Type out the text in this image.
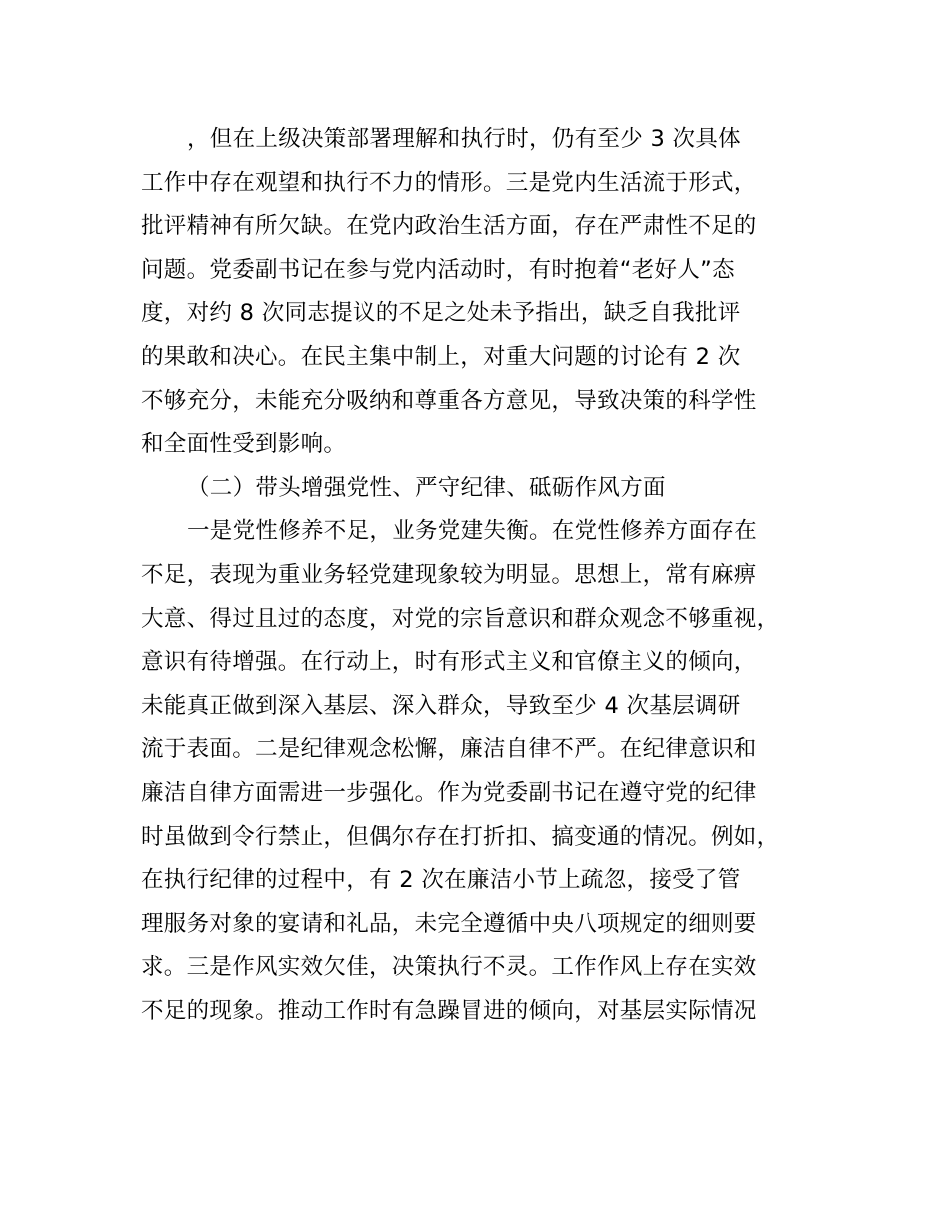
，但在上级决策部署理解和执行时，仍有至少 3 次具体
工作中存在观望和执行不力的情形。三是党内生活流于形式，
批评精神有所欠缺。在党内政治生活方面，存在严肃性不足的
问题。党委副书记在参与党内活动时，有时抱着“老好人”态
度，对约 8 次同志提议的不足之处未予指出，缺乏自我批评
的果敢和决心。在民主集中制上，对重大问题的讨论有 2 次
不够充分，未能充分吸纳和尊重各方意见，导致决策的科学性
和全面性受到影响。
（二）带头增强党性、严守纪律、砥砺作风方面
一是党性修养不足，业务党建失衡。在党性修养方面存在
不足，表现为重业务轻党建现象较为明显。思想上，常有麻痹
大意、得过且过的态度，对党的宗旨意识和群众观念不够重视，
意识有待增强。在行动上，时有形式主义和官僚主义的倾向，
未能真正做到深入基层、深入群众，导致至少 4 次基层调研
流于表面。二是纪律观念松懈，廉洁自律不严。在纪律意识和
廉洁自律方面需进一步强化。作为党委副书记在遵守党的纪律
时虽做到令行禁止，但偶尔存在打折扣、搞变通的情况。例如，
在执行纪律的过程中，有 2 次在廉洁小节上疏忽，接受了管
理服务对象的宴请和礼品，未完全遵循中央八项规定的细则要
求。三是作风实效欠佳，决策执行不灵。工作作风上存在实效
不足的现象。推动工作时有急躁冒进的倾向，对基层实际情况
